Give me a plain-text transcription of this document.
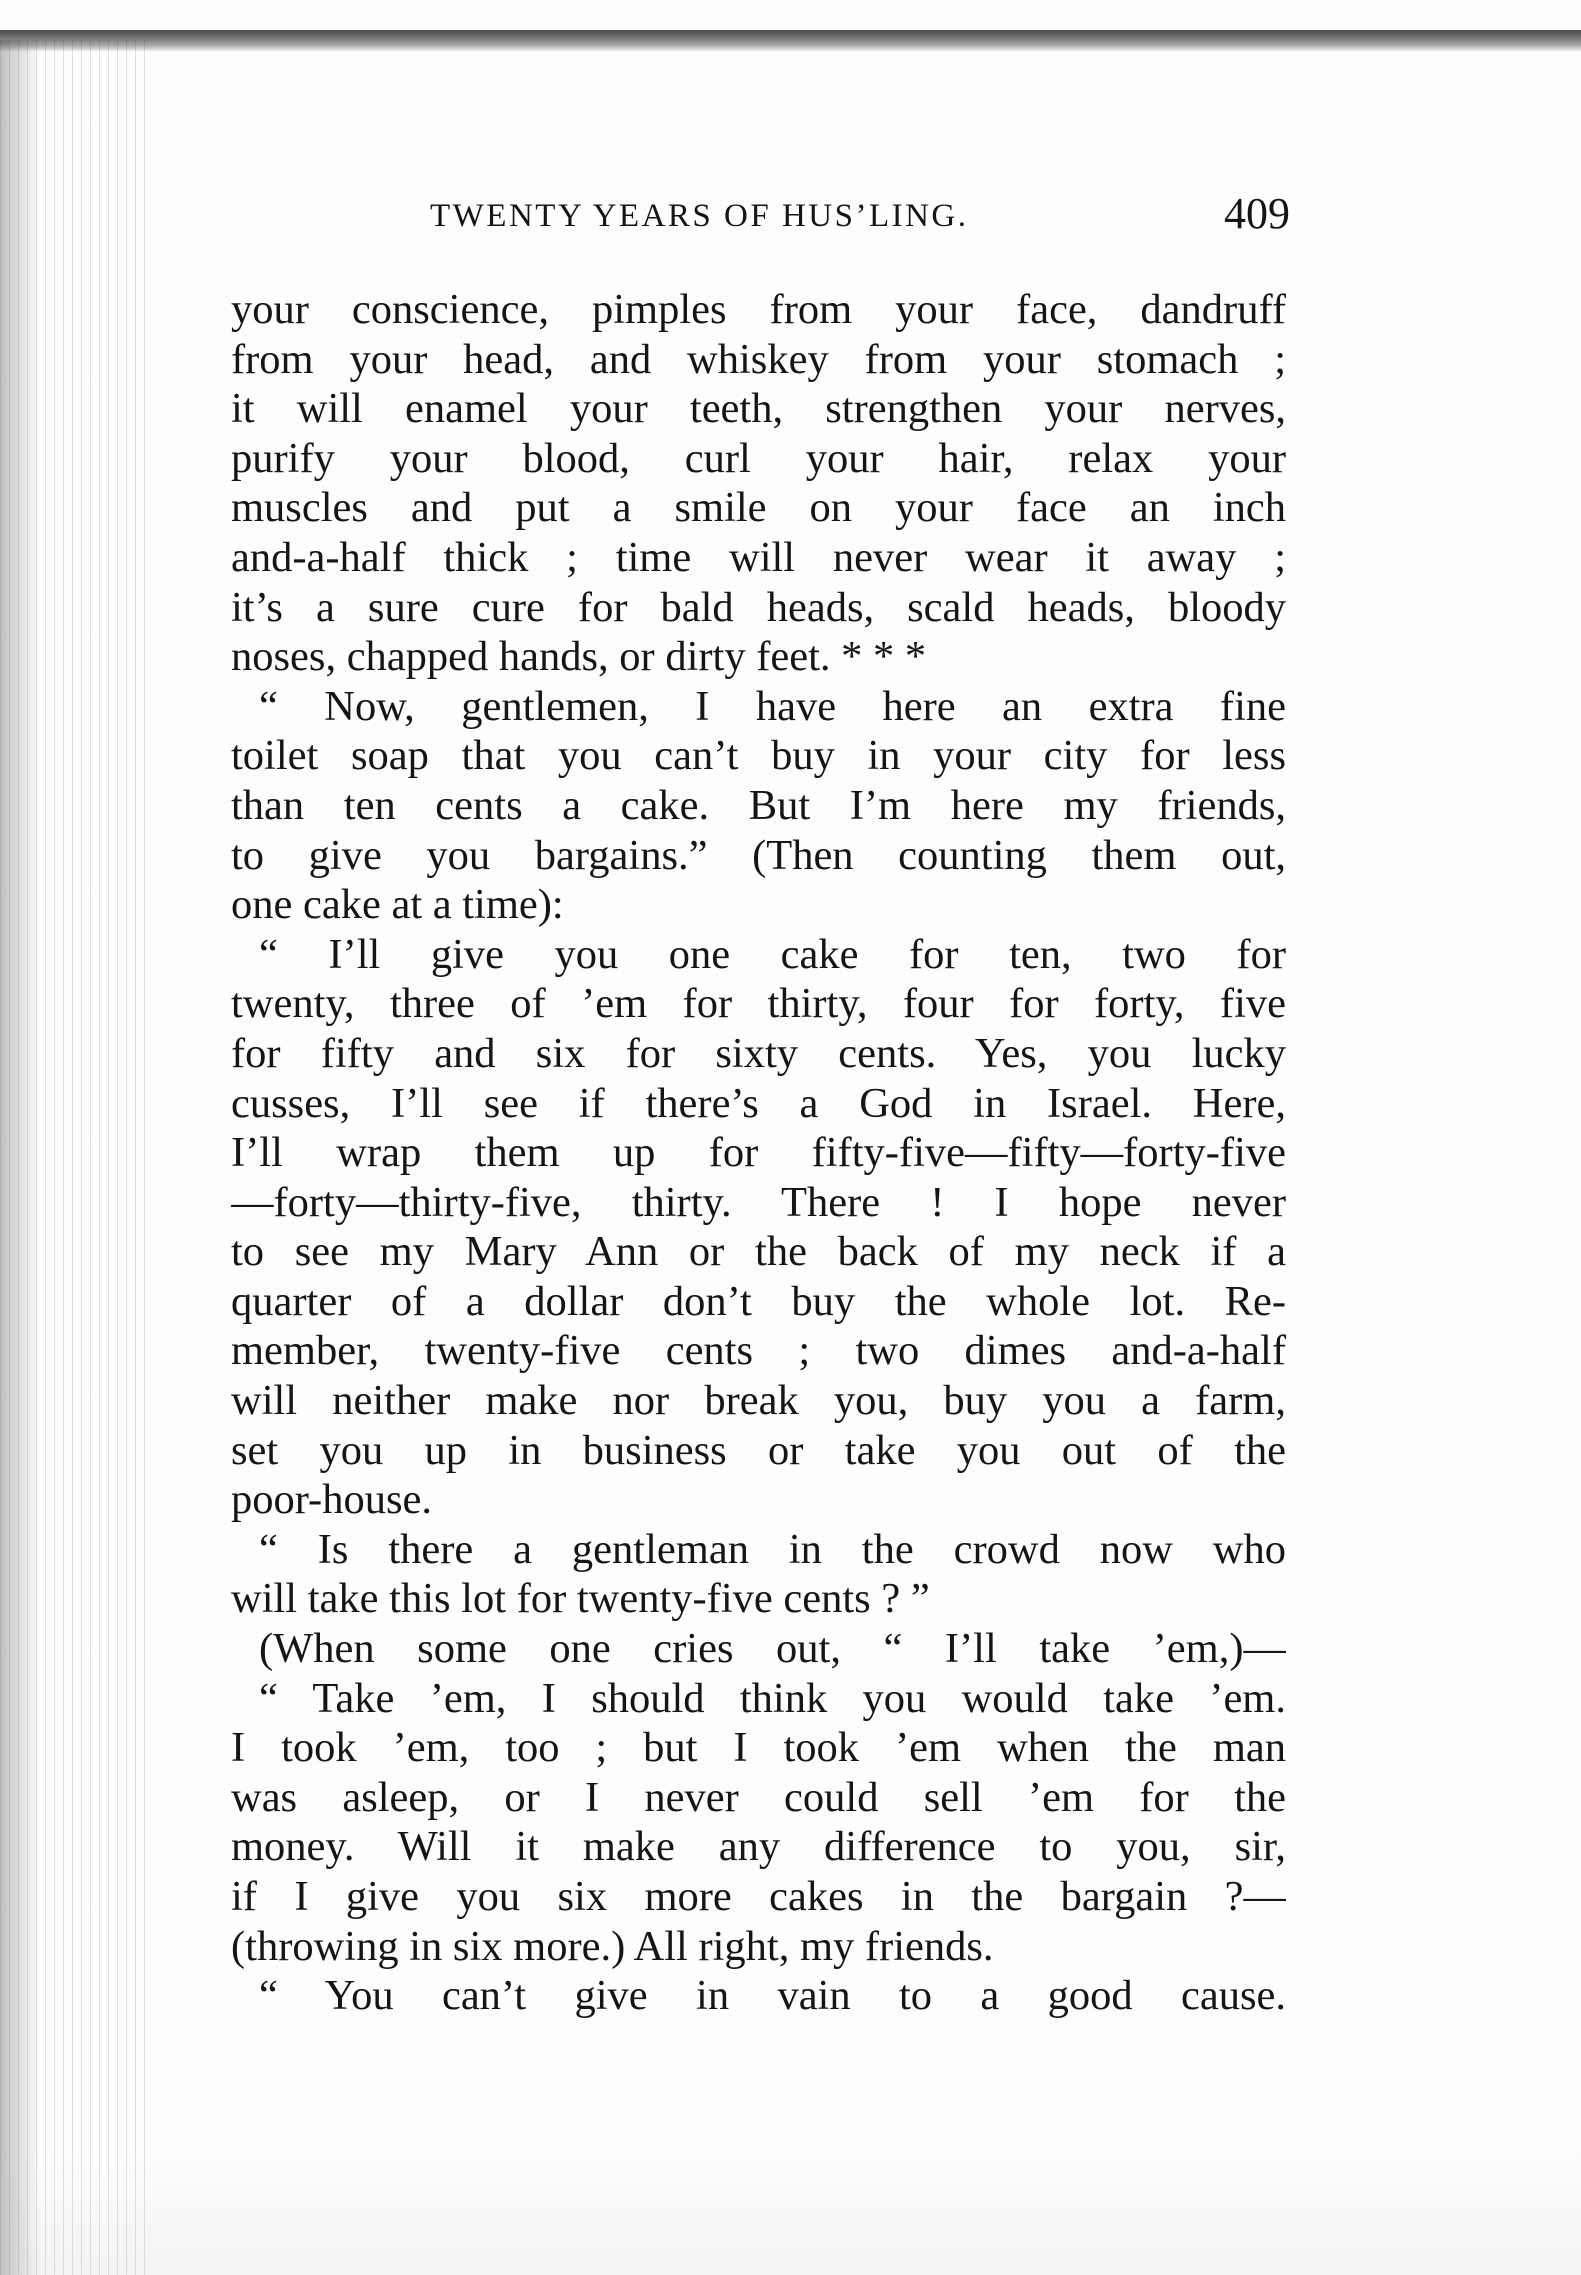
TWENTY YEARS OF HUS’LING.	409
your conscience, pimples from your face, dandruff
from your head, and whiskey from your stomach ;
it will enamel your teeth, strengthen your nerves,
purify your blood, curl your hair, relax your
muscles and put a smile on your face an inch
and-a-half thick ; time will never wear it away ;
it’s a sure cure for bald heads, scald heads, bloody
noses, chapped hands, or dirty feet. * * *
“ Now, gentlemen, I have here an extra fine
toilet soap that you can’t buy in your city for less
than ten cents a cake. But I’m here my friends,
to give you bargains.” (Then counting them out,
one cake at a time):
“ I’ll give you one cake for ten, two for
twenty, three of ’em for thirty, four for forty, five
for fifty and six for sixty cents. Yes, you lucky
cusses, I’ll see if there’s a God in Israel. Here,
I’ll wrap them up for fifty-five—fifty—forty-five
—forty—thirty-five, thirty. There ! I hope never
to see my Mary Ann or the back of my neck if a
quarter of a dollar don’t buy the whole lot. Re-
member, twenty-five cents ; two dimes and-a-half
will neither make nor break you, buy you a farm,
set you up in business or take you out of the
poor-house.
“ Is there a gentleman in the crowd now who
will take this lot for twenty-five cents ? ”
(When some one cries out, “ I’ll take ’em,)—
“ Take ’em, I should think you would take ’em.
I took ’em, too ; but I took ’em when the man
was asleep, or I never could sell ’em for the
money. Will it make any difference to you, sir,
if I give you six more cakes in the bargain ?—
(throwing in six more.) All right, my friends.
“ You can’t give in vain to a good cause.
